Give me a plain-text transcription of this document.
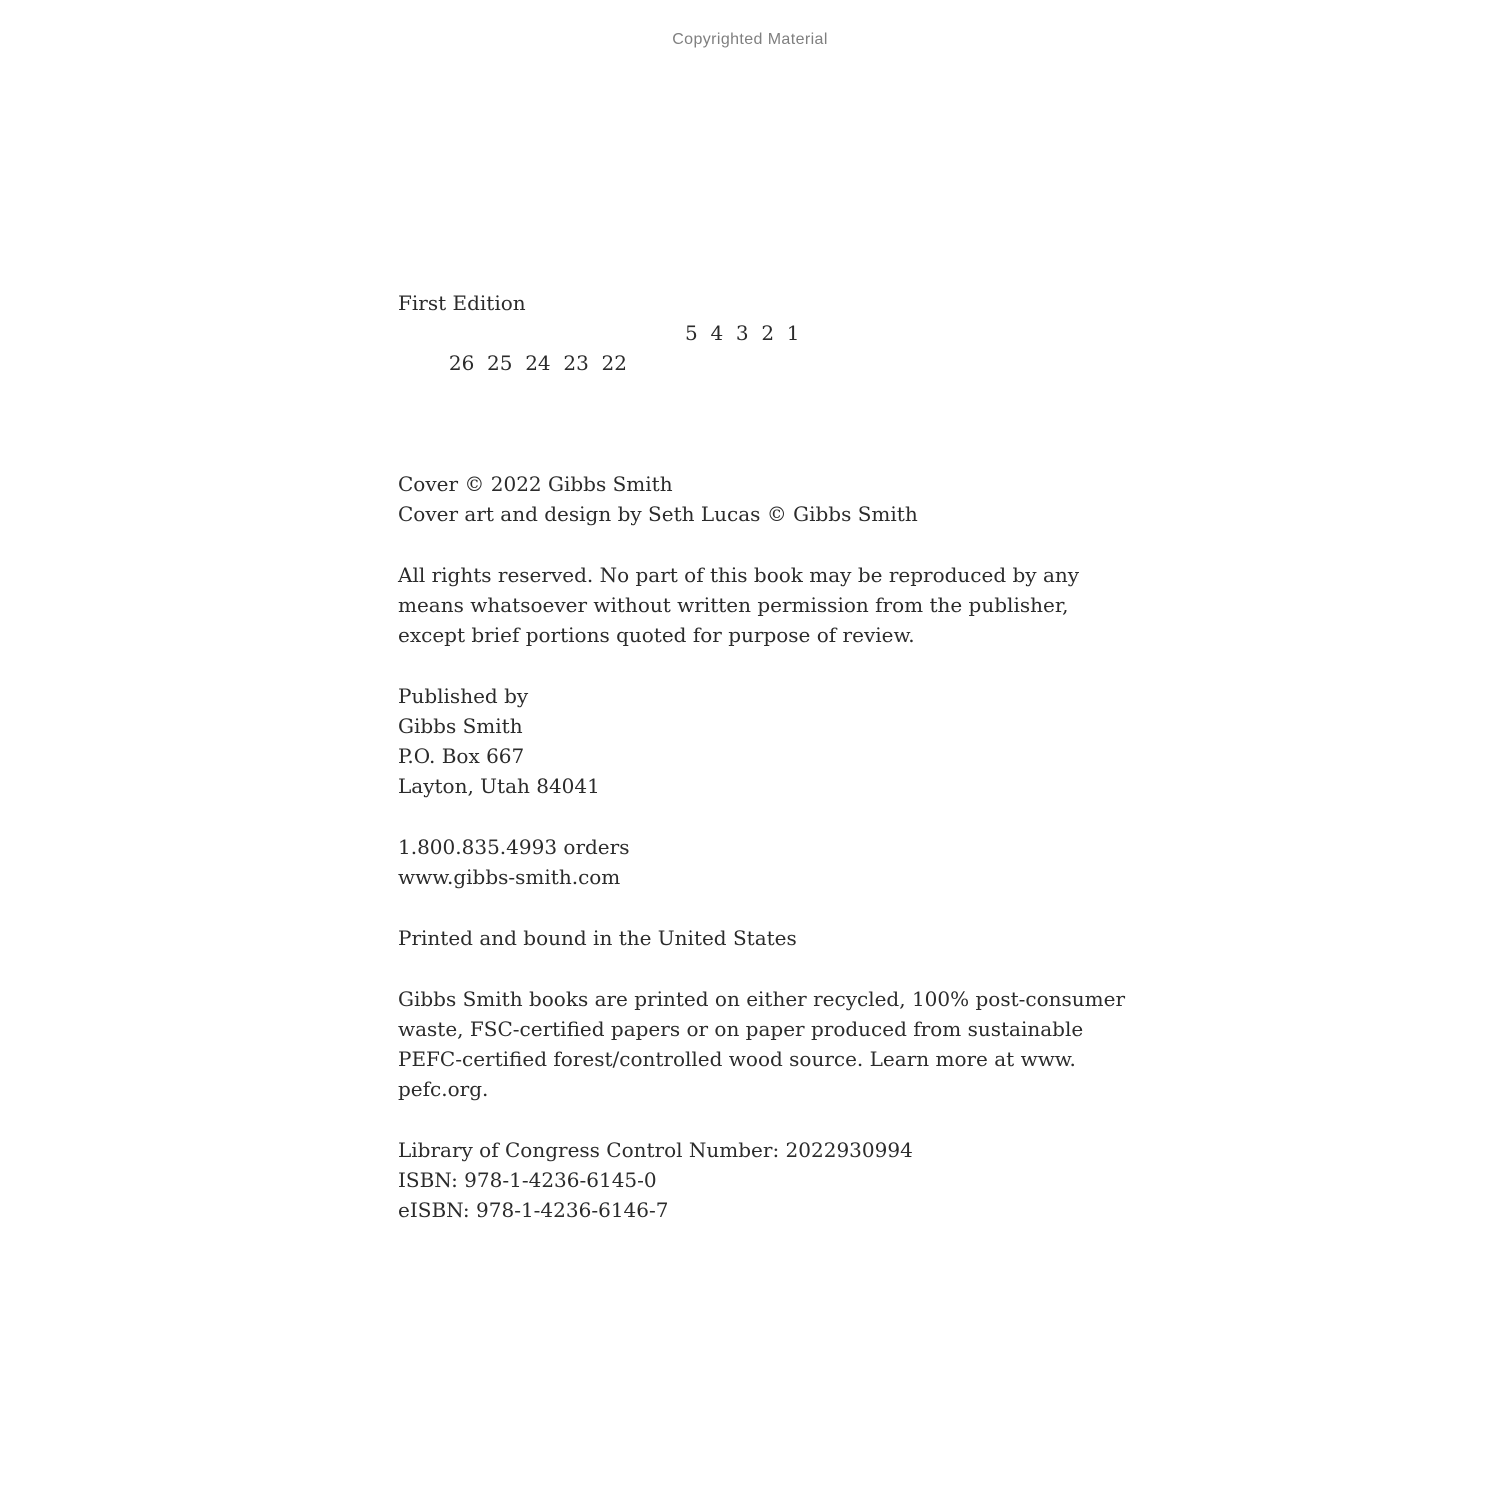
Copyrighted Material
First Edition

26  25  24  23  22

5  4  3  2  1

Cover © 2022 Gibbs Smith
Cover art and design by Seth Lucas © Gibbs Smith
All rights reserved. No part of this book may be reproduced by any
means whatsoever without written permission from the publisher,
except brief portions quoted for purpose of review.
Published by
Gibbs Smith
P.O. Box 667
Layton, Utah 84041
1.800.835.4993 orders
www.gibbs-smith.com
Printed and bound in the United States
Gibbs Smith books are printed on either recycled, 100% post-consumer
waste, FSC-certified papers or on paper produced from sustainable
PEFC-certified forest/controlled wood source. Learn more at www.
pefc.org.
Library of Congress Control Number: 2022930994
ISBN: 978-1-4236-6145-0
eISBN: 978-1-4236-6146-7
